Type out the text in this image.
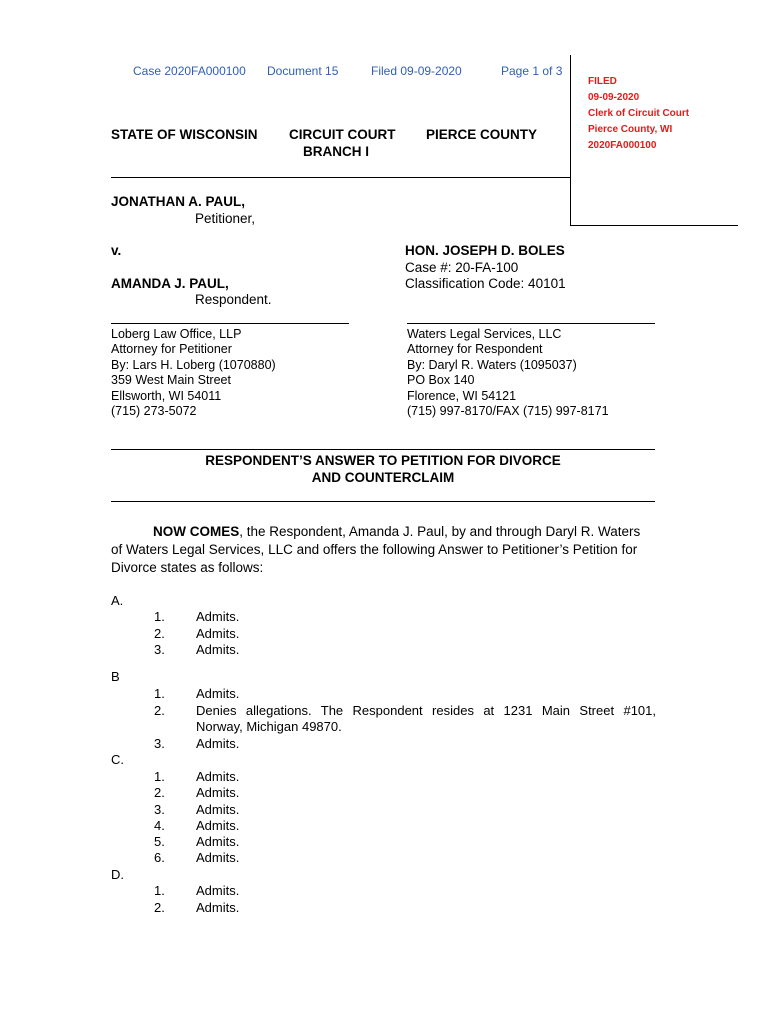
Case 2020FA000100 Document 15	Filed 09-09-2020	Page 1 of 3
FILED
09-09-2020
Clerk of Circuit Court
Pierce County, WI
2020FA000100
STATE OF WISCONSIN CIRCUIT COURT
BRANCH I
PIERCE COUNTY
JONATHAN A. PAUL,
Petitioner,
v.	HON. JOSEPH D. BOLES
Case #: 20-FA-100
Classification Code: 40101
AMANDA J. PAUL,
Respondent.
Loberg Law Office, LLP
Attorney for Petitioner
By: Lars H. Loberg (1070880)
359 West Main Street
Ellsworth, WI 54011
(715) 273-5072
Waters Legal Services, LLC
Attorney for Respondent
By: Daryl R. Waters (1095037)
PO Box 140
Florence, WI 54121
(715) 997-8170/FAX (715) 997-8171
RESPONDENT’S ANSWER TO PETITION FOR DIVORCE
AND COUNTERCLAIM
NOW COMES, the Respondent, Amanda J. Paul, by and through Daryl R. Waters
of Waters Legal Services, LLC and offers the following Answer to Petitioner’s Petition for
Divorce states as follows:
A.
1. Admits.
2. Admits.
3. Admits.
B
1. Admits.
2. Denies allegations. The Respondent resides at 1231 Main Street #101,
Norway, Michigan 49870.
3. Admits.
C.
1. Admits.
2. Admits.
3. Admits.
4. Admits.
5. Admits.
6. Admits.
D.
1. Admits.
2. Admits.
